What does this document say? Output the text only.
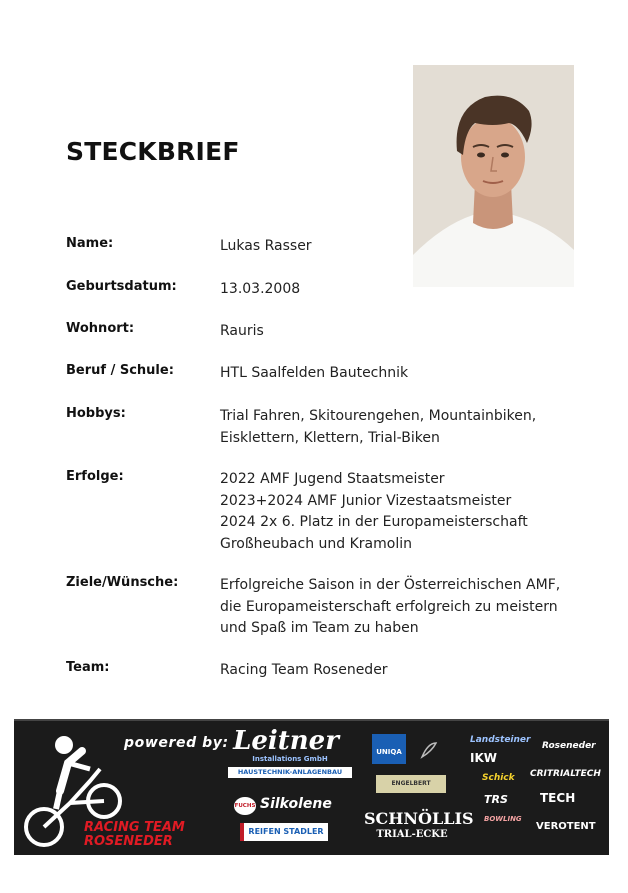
STECKBRIEF
Name:	Lukas Rasser
Geburtsdatum:	13.03.2008
Wohnort:	Rauris
Beruf / Schule:	HTL Saalfelden Bautechnik
Hobbys:	Trial Fahren, Skitourengehen, Mountainbiken,
Eisklettern, Klettern, Trial-Biken
Erfolge:	2022 AMF Jugend Staatsmeister
2023+2024 AMF Junior Vizestaatsmeister
2024 2x 6. Platz in der Europameisterschaft
Großheubach und Kramolin
Ziele/Wünsche:	Erfolgreiche Saison in der Österreichischen AMF,
die Europameisterschaft erfolgreich zu meistern
und Spaß im Team zu haben
Team:	Racing Team Roseneder
powered by: Leitner
Installations GmbH
HAUSTECHNIK-ANLAGENBAU
FUCHS Silkolene
REIFEN STADLER
RACING TEAM
ROSENEDER
UNIQA
ENGELBERT
SCHNÖLLIS
TRIAL-ECKE
Landsteiner
IKW
Schick
TRS
BOWLING
Roseneder
CRITRIALTECH
TECH
VEROTENT
